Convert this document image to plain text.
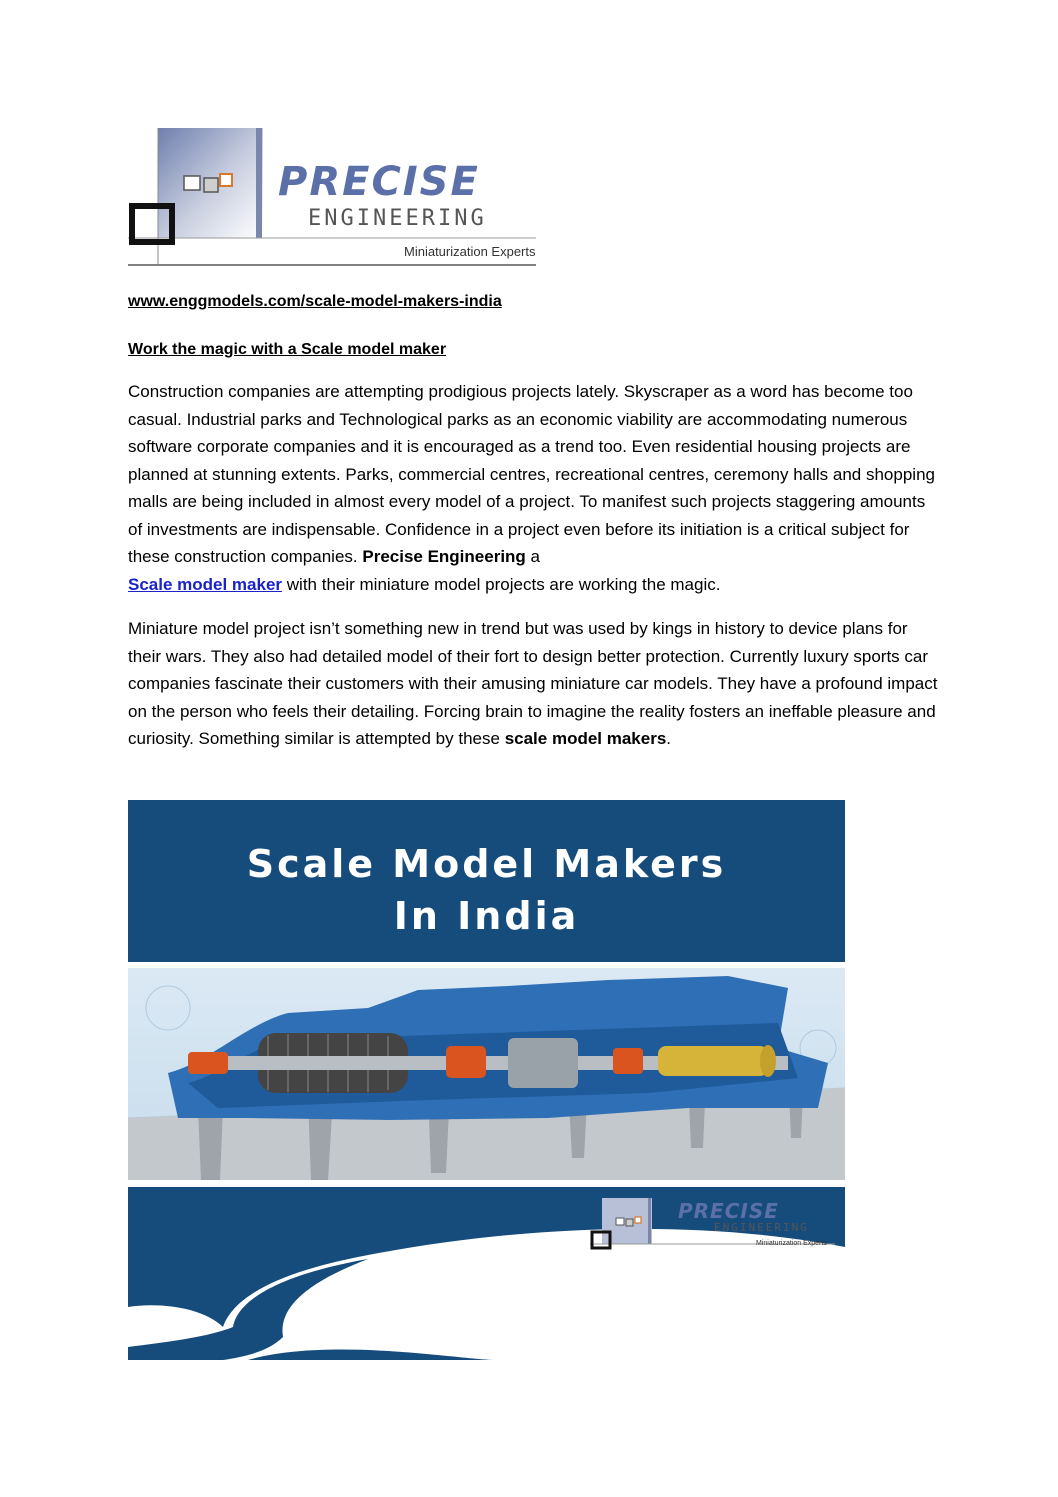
PRECISE
ENGINEERING
Miniaturization Experts

www.enggmodels.com/scale-model-makers-india

Work the magic with a Scale model maker

Construction companies are attempting prodigious projects lately. Skyscraper as a word has become too casual. Industrial parks and Technological parks as an economic viability are accommodating numerous software corporate companies and it is encouraged as a trend too. Even residential housing projects are planned at stunning extents. Parks, commercial centres, recreational centres, ceremony halls and shopping malls are being included in almost every model of a project. To manifest such projects staggering amounts of investments are indispensable. Confidence in a project even before its initiation is a critical subject for these construction companies. Precise Engineering a
Scale model maker with their miniature model projects are working the magic.

Miniature model project isn’t something new in trend but was used by kings in history to device plans for their wars. They also had detailed model of their fort to design better protection. Currently luxury sports car companies fascinate their customers with their amusing miniature car models. They have a profound impact on the person who feels their detailing. Forcing brain to imagine the reality fosters an ineffable pleasure and curiosity. Something similar is attempted by these scale model makers.

Scale Model Makers
In India
PRECISE
ENGINEERING
Miniaturization Experts
